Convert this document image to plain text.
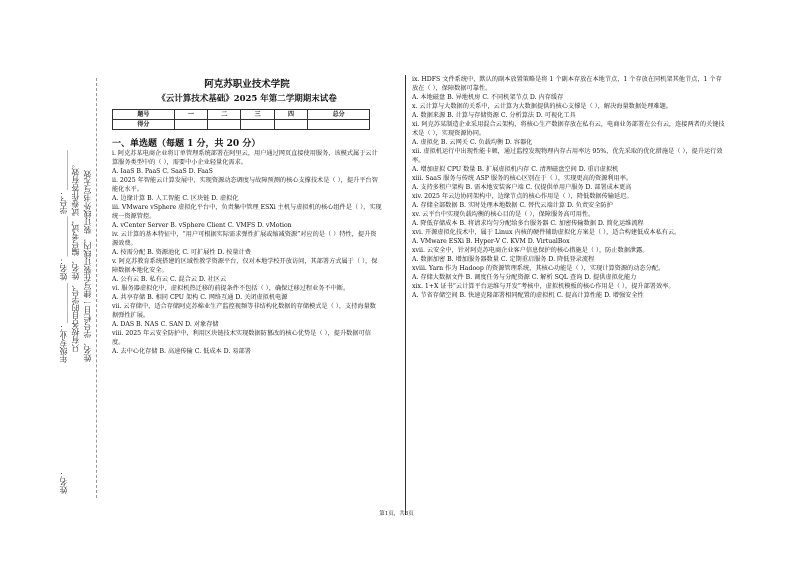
年级专业：__________ 姓名：__________ 学号：__________ 只有按各自的学号、姓名、编号考试，试卷作答有效。 姓名、学号栏目一律写在装订线内，装订线外书写无效
姓名：
阿克苏职业技术学院
《云计算技术基础》2025 年第二学期期末试卷
题号	一	二	三	四	总分
得分					
一、单选题（每题 1 分，共 20 分）

i. 阿克苏某电商企业将订单管理系统部署在阿里云，用户通过网页直接使用服务，该模式属于云计算服务类型中的（ ），需要中小企业轻量化需求。

A. IaaS B. PaaS C. SaaS D. FaaS

ii. 2025 年智能云计算发展中，实现资源动态调度与故障预测的核心支撑技术是（ ），提升平台智能化水平。

A. 边缘计算 B. 人工智能 C. 区块链 D. 虚拟化

iii. VMware vSphere 虚拟化平台中，负责集中管理 ESXi 主机与虚拟机的核心组件是（ ），实现统一资源管控。

A. vCenter Server B. vSphere Client C. VMFS D. vMotion

iv. 云计算的基本特征中，“用户可根据实际需求弹性扩展或缩减资源”对应的是（ ）特性，提升资源效费。

A. 按需分配 B. 资源池化 C. 可扩展性 D. 按量计费

v. 阿克苏教育系统搭建的区域性教学资源平台，仅对本地学校开放访问，其部署方式属于（ ），保障数据本地化安全。

A. 公有云 B. 私有云 C. 混合云 D. 社区云

vi. 服务器虚拟化中，虚拟机热迁移的前提条件不包括（ ），确保迁移过程业务不中断。

A. 共享存储 B. 相同 CPU 架构 C. 网络互通 D. 关闭虚拟机电源

vii. 云存储中，适合存储阿克苏棉业生产监控视频等非结构化数据的存储模式是（ ），支持海量数据弹性扩展。

A. DAS B. NAS C. SAN D. 对象存储

viii. 2025 年云安全防护中，利用区块链技术实现数据防篡改的核心优势是（ ），提升数据可信度。

A. 去中心化存储 B. 高速传输 C. 低成本 D. 易部署

ix. HDFS 文件系统中，默认的副本放置策略是将 1 个副本存放在本地节点，1 个存放在同机架其他节点，1 个存放在（ ），保障数据可靠性。

A. 本地磁盘 B. 异地机房 C. 不同机架节点 D. 内存缓存

x. 云计算与大数据的关系中，云计算为大数据提供的核心支撑是（ ），解决海量数据处理难题。

A. 数据来源 B. 计算与存储资源 C. 分析算法 D. 可视化工具

xi. 阿克苏某制造企业采用混合云架构，将核心生产数据存放在私有云，电商业务部署在公有云，连接两者的关键技术是（ ），实现资源协同。

A. 虚拟化 B. 云网关 C. 负载均衡 D. 容器化

xii. 虚拟机运行中出现性能卡顿，通过监控发现物理内存占用率达 95%，优先采取的优化措施是（ ），提升运行效率。

A. 增加虚拟 CPU 数量 B. 扩展虚拟机内存 C. 清理磁盘空间 D. 重启虚拟机

xiii. SaaS 服务与传统 ASP 服务的核心区别在于（ ），实现更高的资源利用率。

A. 支持多租户架构 B. 需本地安装客户端 C. 仅提供单用户服务 D. 部署成本更高

xiv. 2025 年云边协同架构中，边缘节点的核心作用是（ ），降低数据传输延迟。

A. 存储全部数据 B. 实时处理本地数据 C. 替代云端计算 D. 负责安全防护

xv. 云平台中实现负载均衡的核心目的是（ ），保障服务高可用性。

A. 降低存储成本 B. 将请求均匀分配给多台服务器 C. 加密传输数据 D. 简化运维流程

xvi. 开源虚拟化技术中，属于 Linux 内核的硬件辅助虚拟化方案是（ ），适合构建低成本私有云。

A. VMware ESXi B. Hyper-V C. KVM D. VirtualBox

xvii. 云安全中，针对阿克苏电商企业客户信息保护的核心措施是（ ），防止数据泄露。

A. 数据加密 B. 增加服务器数量 C. 定期重启服务 D. 降低登录流程

xviii. Yarn 作为 Hadoop 的资源管理系统，其核心功能是（ ），实现计算资源的动态分配。

A. 存储大数据文件 B. 调度任务与分配资源 C. 解析 SQL 查询 D. 提供虚拟化能力

xix. 1+X 证书“云计算平台运维与开发”考核中，虚拟机模板的核心作用是（ ），提升部署效率。

A. 节省存储空间 B. 快速克隆部署相同配置的虚拟机 C. 提高计算性能 D. 增强安全性

第1页，共3页
